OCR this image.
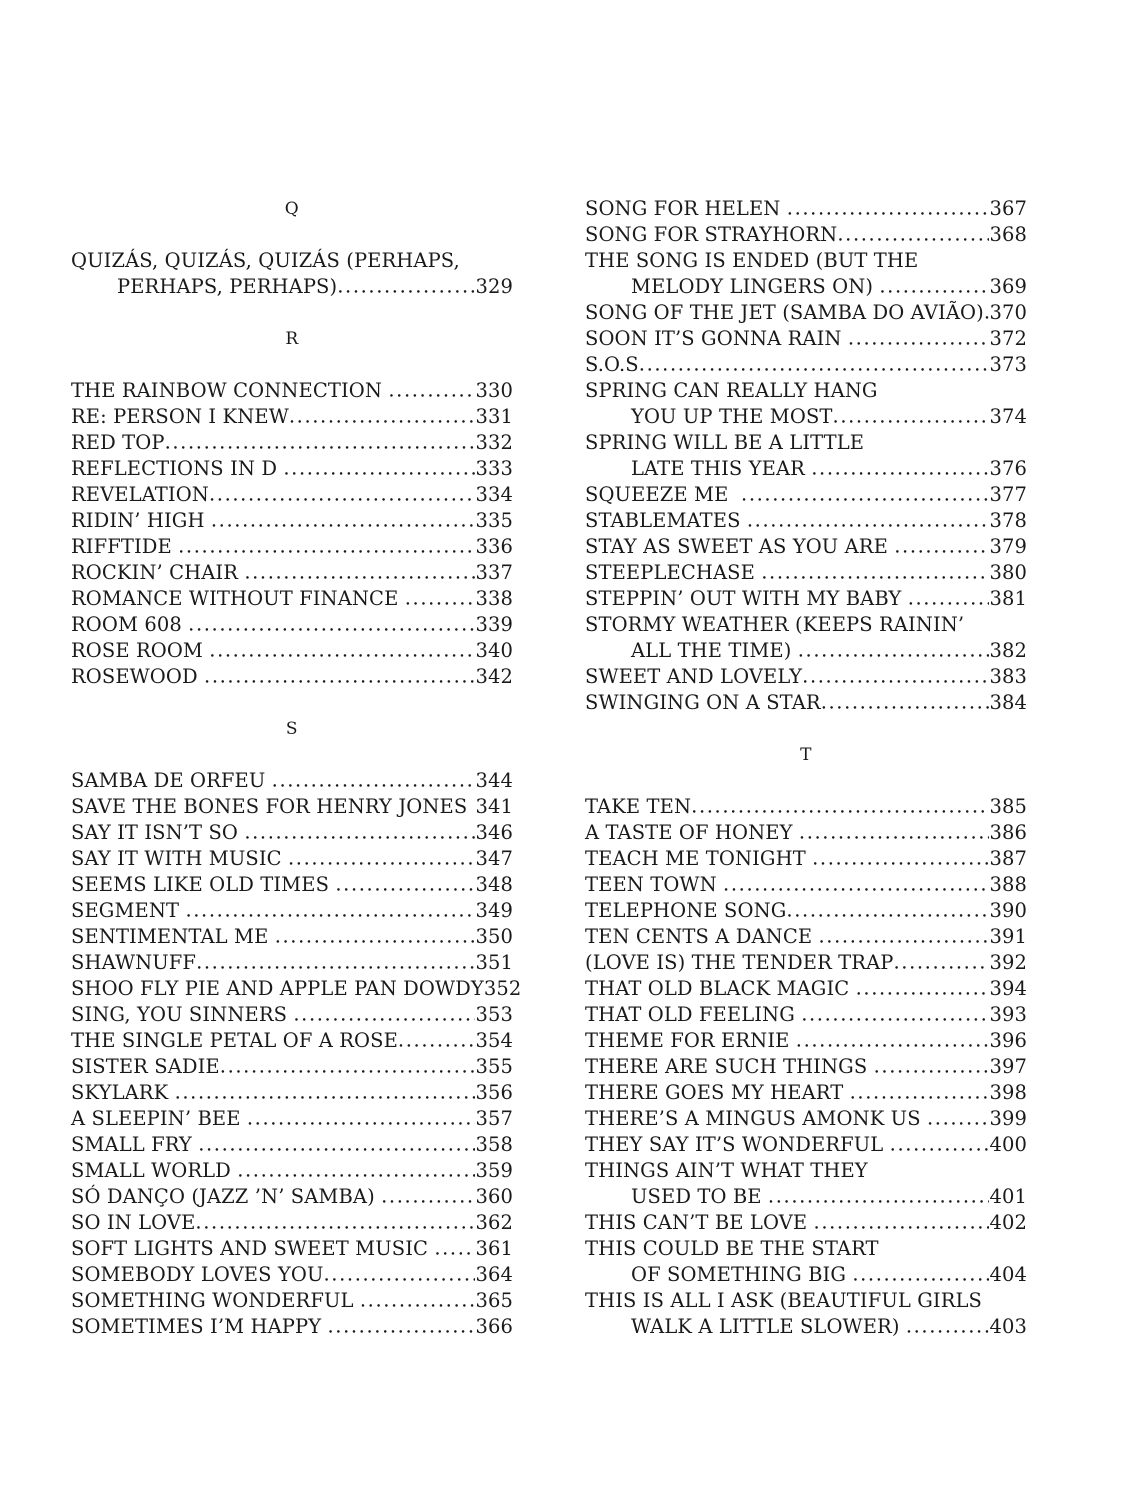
Q
QUIZÁS, QUIZÁS, QUIZÁS (PERHAPS,
PERHAPS, PERHAPS) .....	329
R
THE RAINBOW CONNECTION .....	330
RE: PERSON I KNEW .....	331
RED TOP .....	332
REFLECTIONS IN D .....	333
REVELATION .....	334
RIDIN’ HIGH .....	335
RIFFTIDE .....	336
ROCKIN’ CHAIR .....	337
ROMANCE WITHOUT FINANCE .....	338
ROOM 608 .....	339
ROSE ROOM .....	340
ROSEWOOD .....	342
S
SAMBA DE ORFEU .....	344
SAVE THE BONES FOR HENRY JONES ..... 341
SAY IT ISN’T SO .....	346
SAY IT WITH MUSIC .....	347
SEEMS LIKE OLD TIMES .....	348
SEGMENT .....	349
SENTIMENTAL ME .....	350
SHAWNUFF .....	351
SHOO FLY PIE AND APPLE PAN DOWDY 352
SING, YOU SINNERS .....	353
THE SINGLE PETAL OF A ROSE .....	354
SISTER SADIE .....	355
SKYLARK .....	356
A SLEEPIN’ BEE .....	357
SMALL FRY .....	358
SMALL WORLD .....	359
SÓ DANÇO (JAZZ ’N’ SAMBA) .....	360
SO IN LOVE .....	362
SOFT LIGHTS AND SWEET MUSIC ..... 361
SOMEBODY LOVES YOU .....	364
SOMETHING WONDERFUL .....	365
SOMETIMES I’M HAPPY .....	366
SONG FOR HELEN .....	367
SONG FOR STRAYHORN .....	368
THE SONG IS ENDED (BUT THE
MELODY LINGERS ON) .....	369
SONG OF THE JET (SAMBA DO AVIÃO) ..... 370
SOON IT’S GONNA RAIN .....	372
S.O.S .....	373
SPRING CAN REALLY HANG
YOU UP THE MOST .....	374
SPRING WILL BE A LITTLE
LATE THIS YEAR .....	376
SQUEEZE ME .....	377
STABLEMATES .....	378
STAY AS SWEET AS YOU ARE .....	379
STEEPLECHASE .....	380
STEPPIN’ OUT WITH MY BABY .....	381
STORMY WEATHER (KEEPS RAININ’
ALL THE TIME) .....	382
SWEET AND LOVELY .....	383
SWINGING ON A STAR .....	384
T
TAKE TEN .....	385
A TASTE OF HONEY .....	386
TEACH ME TONIGHT .....	387
TEEN TOWN .....	388
TELEPHONE SONG .....	390
TEN CENTS A DANCE .....	391
(LOVE IS) THE TENDER TRAP .....	392
THAT OLD BLACK MAGIC .....	394
THAT OLD FEELING .....	393
THEME FOR ERNIE .....	396
THERE ARE SUCH THINGS .....	397
THERE GOES MY HEART .....	398
THERE’S A MINGUS AMONK US .....	399
THEY SAY IT’S WONDERFUL .....	400
THINGS AIN’T WHAT THEY
USED TO BE .....	401
THIS CAN’T BE LOVE .....	402
THIS COULD BE THE START
OF SOMETHING BIG .....	404
THIS IS ALL I ASK (BEAUTIFUL GIRLS
WALK A LITTLE SLOWER) .....	403
